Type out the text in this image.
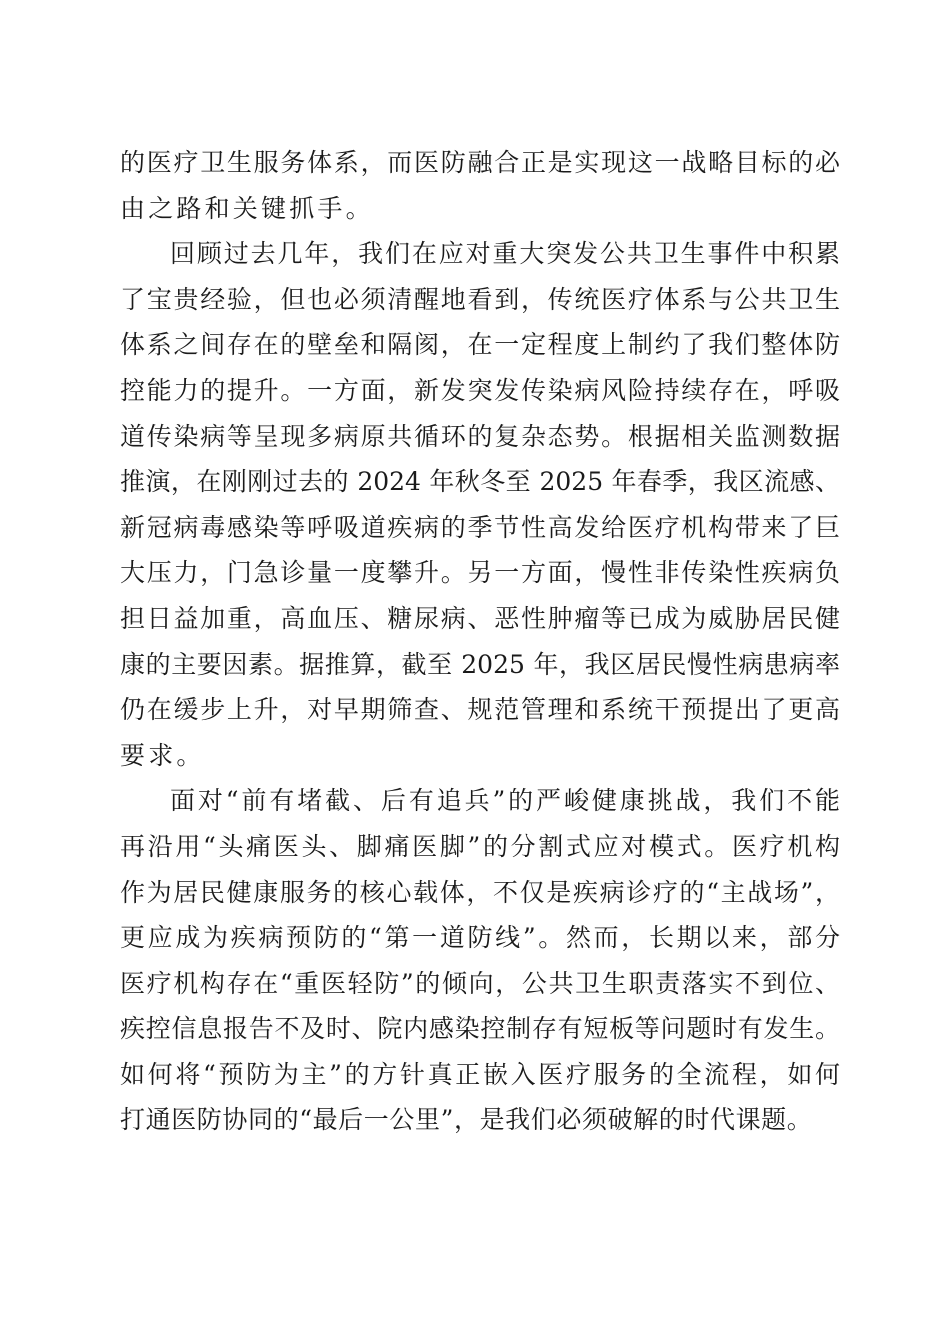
的医疗卫生服务体系，而医防融合正是实现这一战略目标的必
由之路和关键抓手。
回顾过去几年，我们在应对重大突发公共卫生事件中积累
了宝贵经验，但也必须清醒地看到，传统医疗体系与公共卫生
体系之间存在的壁垒和隔阂，在一定程度上制约了我们整体防
控能力的提升。一方面，新发突发传染病风险持续存在，呼吸
道传染病等呈现多病原共循环的复杂态势。根据相关监测数据
推演，在刚刚过去的 2024 年秋冬至 2025 年春季，我区流感、
新冠病毒感染等呼吸道疾病的季节性高发给医疗机构带来了巨
大压力，门急诊量一度攀升。另一方面，慢性非传染性疾病负
担日益加重，高血压、糖尿病、恶性肿瘤等已成为威胁居民健
康的主要因素。据推算，截至 2025 年，我区居民慢性病患病率
仍在缓步上升，对早期筛查、规范管理和系统干预提出了更高
要求。
面对“前有堵截、后有追兵”的严峻健康挑战，我们不能
再沿用“头痛医头、脚痛医脚”的分割式应对模式。医疗机构
作为居民健康服务的核心载体，不仅是疾病诊疗的“主战场”，
更应成为疾病预防的“第一道防线”。然而，长期以来，部分
医疗机构存在“重医轻防”的倾向，公共卫生职责落实不到位、
疾控信息报告不及时、院内感染控制存有短板等问题时有发生。
如何将“预防为主”的方针真正嵌入医疗服务的全流程，如何
打通医防协同的“最后一公里”，是我们必须破解的时代课题。
